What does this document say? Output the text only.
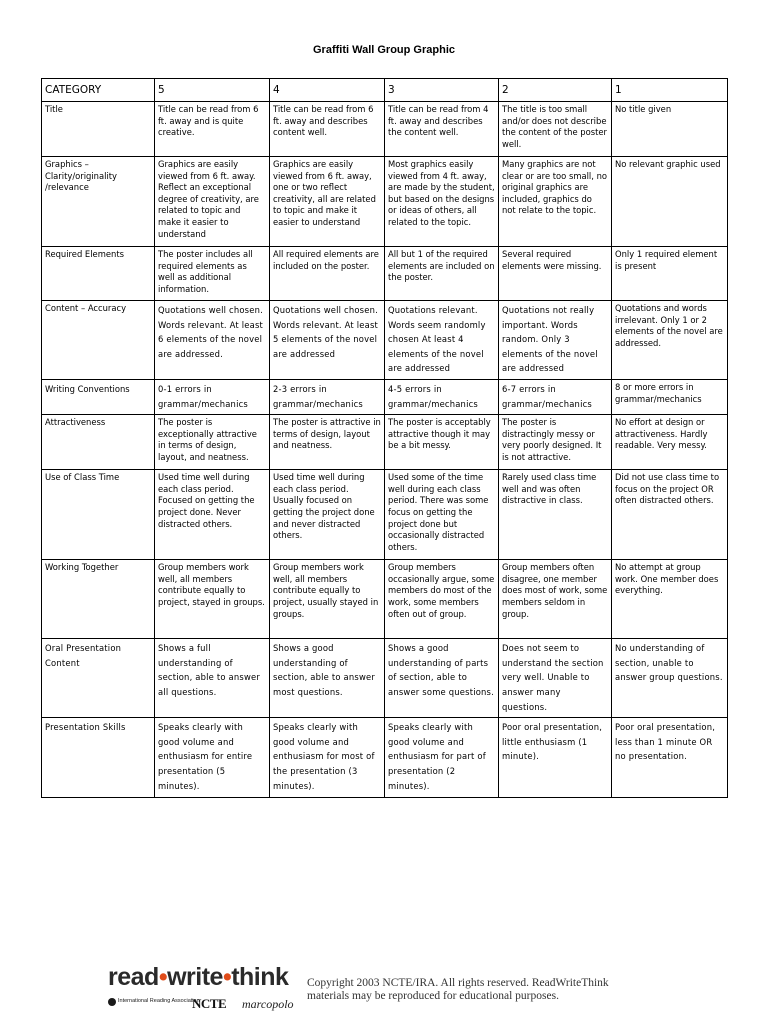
Graffiti Wall Group Graphic
CATEGORY	5	4	3	2	1
Title	Title can be read from 6 ft. away and is quite creative.	Title can be read from 6 ft. away and describes content well.	Title can be read from 4 ft. away and describes the content well.	The title is too small and/or does not describe the content of the poster well.	No title given
Graphics – Clarity/originality /relevance	Graphics are easily viewed from 6 ft. away. Reflect an exceptional degree of creativity, are related to topic and make it easier to understand	Graphics are easily viewed from 6 ft. away, one or two reflect creativity, all are related to topic and make it easier to understand	Most graphics easily viewed from 4 ft. away, are made by the student, but based on the designs or ideas of others, all related to the topic.	Many graphics are not clear or are too small, no original graphics are included, graphics do not relate to the topic.	No relevant graphic used
Required Elements	The poster includes all required elements as well as additional information.	All required elements are included on the poster.	All but 1 of the required elements are included on the poster.	Several required elements were missing.	Only 1 required element is present
Content – Accuracy	Quotations well chosen. Words relevant. At least 6 elements of the novel are addressed.	Quotations well chosen. Words relevant. At least 5 elements of the novel are addressed	Quotations relevant. Words seem randomly chosen At least 4 elements of the novel are addressed	Quotations not really important. Words random. Only 3 elements of the novel are addressed	Quotations and words irrelevant. Only 1 or 2 elements of the novel are addressed.
Writing Conventions	0-1 errors in grammar/mechanics	2-3 errors in grammar/mechanics	4-5 errors in grammar/mechanics	6-7 errors in grammar/mechanics	8 or more errors in grammar/mechanics
Attractiveness	The poster is exceptionally attractive in terms of design, layout, and neatness.	The poster is attractive in terms of design, layout and neatness.	The poster is acceptably attractive though it may be a bit messy.	The poster is distractingly messy or very poorly designed. It is not attractive.	No effort at design or attractiveness. Hardly readable. Very messy.
Use of Class Time	Used time well during each class period. Focused on getting the project done. Never distracted others.	Used time well during each class period. Usually focused on getting the project done and never distracted others.	Used some of the time well during each class period. There was some focus on getting the project done but occasionally distracted others.	Rarely used class time well and was often distractive in class.	Did not use class time to focus on the project OR often distracted others.
Working Together	Group members work well, all members contribute equally to project, stayed in groups.	Group members work well, all members contribute equally to project, usually stayed in groups.	Group members occasionally argue, some members do most of the work, some members often out of group.	Group members often disagree, one member does most of work, some members seldom in group.	No attempt at group work. One member does everything.
Oral Presentation Content	Shows a full understanding of section, able to answer all questions.	Shows a good understanding of section, able to answer most questions.	Shows a good understanding of parts of section, able to answer some questions.	Does not seem to understand the section very well. Unable to answer many questions.	No understanding of section, unable to answer group questions.
Presentation Skills	Speaks clearly with good volume and enthusiasm for entire presentation (5 minutes).	Speaks clearly with good volume and enthusiasm for most of the presentation (3 minutes).	Speaks clearly with good volume and enthusiasm for part of presentation (2 minutes).	Poor oral presentation, little enthusiasm (1 minute).	Poor oral presentation, less than 1 minute OR no presentation.
read•write•think
International Reading Association
NCTE marcopolo
Copyright 2003 NCTE/IRA. All rights reserved. ReadWriteThink materials may be reproduced for educational purposes.
